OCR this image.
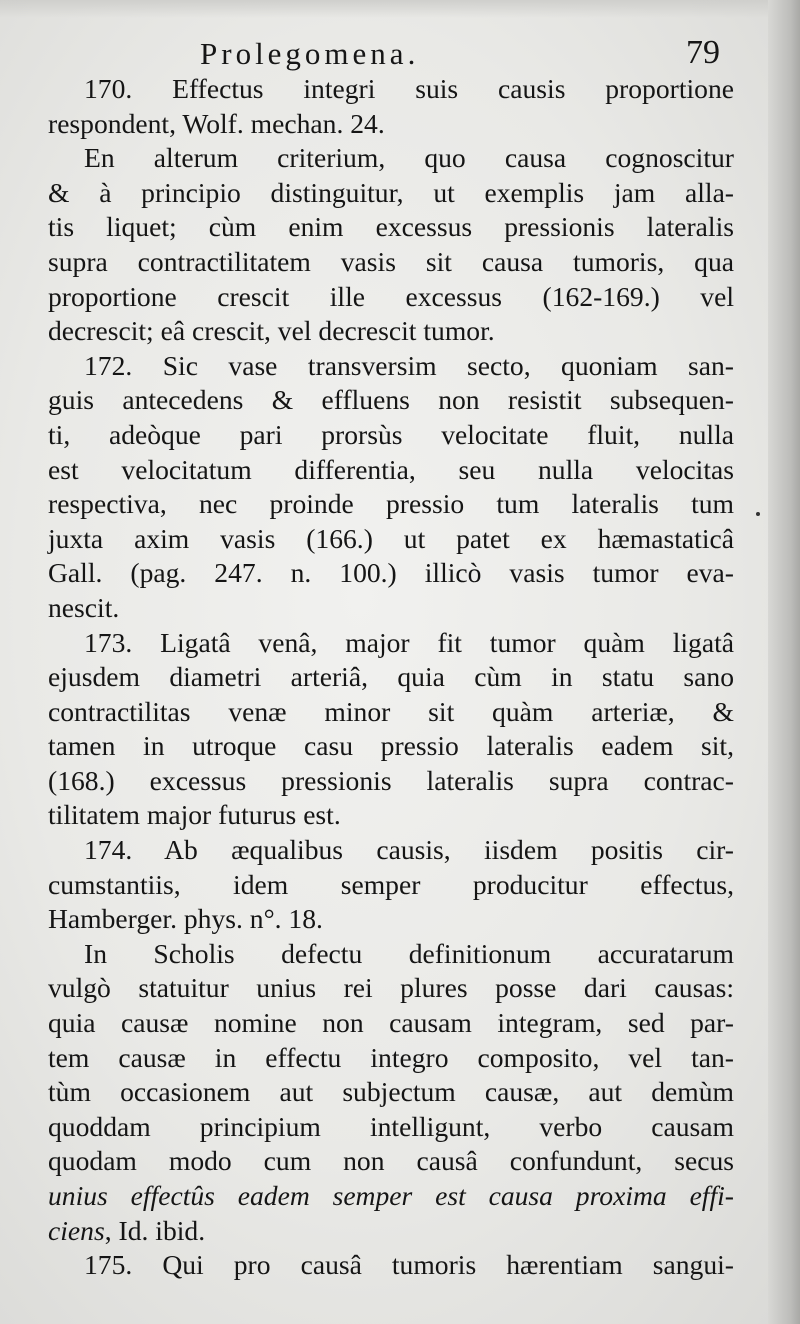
Prolegomena.	79
170. Effectus integri suis causis proportione
respondent, Wolf. mechan. 24.
En alterum criterium, quo causa cognoscitur
& à principio distinguitur, ut exemplis jam alla-
tis liquet; cùm enim excessus pressionis lateralis
supra contractilitatem vasis sit causa tumoris, qua
proportione crescit ille excessus (162-169.) vel
decrescit; eâ crescit, vel decrescit tumor.
172. Sic vase transversim secto, quoniam san-
guis antecedens & effluens non resistit subsequen-
ti, adeòque pari prorsùs velocitate fluit, nulla
est velocitatum differentia, seu nulla velocitas
respectiva, nec proinde pressio tum lateralis tum
juxta axim vasis (166.) ut patet ex hæmastaticâ
Gall. (pag. 247. n. 100.) illicò vasis tumor eva-
nescit.
173. Ligatâ venâ, major fit tumor quàm ligatâ
ejusdem diametri arteriâ, quia cùm in statu sano
contractilitas venæ minor sit quàm arteriæ, &
tamen in utroque casu pressio lateralis eadem sit,
(168.) excessus pressionis lateralis supra contrac-
tilitatem major futurus est.
174. Ab æqualibus causis, iisdem positis cir-
cumstantiis, idem semper producitur effectus,
Hamberger. phys. n°. 18.
In Scholis defectu definitionum accuratarum
vulgò statuitur unius rei plures posse dari causas:
quia causæ nomine non causam integram, sed par-
tem causæ in effectu integro composito, vel tan-
tùm occasionem aut subjectum causæ, aut demùm
quoddam principium intelligunt, verbo causam
quodam modo cum non causâ confundunt, secus
unius effectûs eadem semper est causa proxima effi-
ciens, Id. ibid.
175. Qui pro causâ tumoris hærentiam sangui-
